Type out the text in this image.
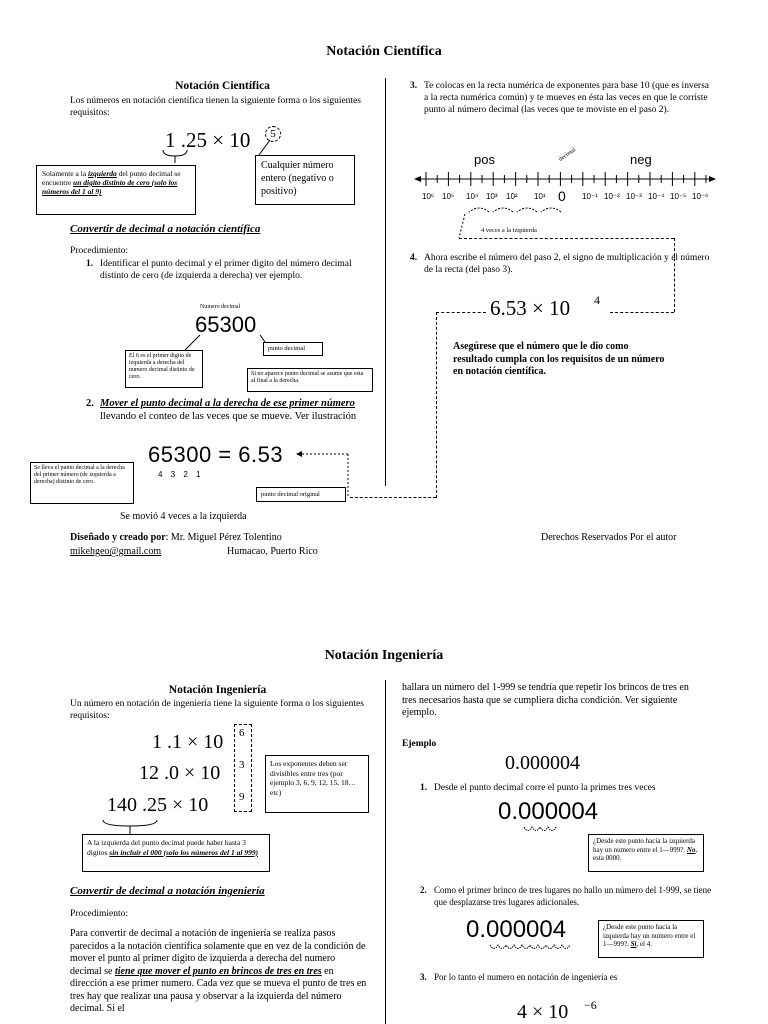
Notación Científica
Notación Científica
Los números en notación científica tienen la siguiente forma o los siguientes requisitos:
1 .25 × 10	5
Solamente a la izquierda del punto decimal se encuentre un digito distinto de cero (solo los números del 1 al 9)
Cualquier número entero (negativo o positivo)
Convertir de decimal a notación científica
Procedimiento:
1. Identificar el punto decimal y el primer digito del número decimal distinto de cero (de izquierda a derecha) ver ejemplo.
Numero decimal
65300
punto decimal
El 6 es el primer digito de izquierda a derecha del numero decimal distinto de cero.	Si no aparece punto decimal se asume que esta al final a la derecha.
2. Mover el punto decimal a la derecha de ese primer número llevando el conteo de las veces que se mueve. Ver ilustración
65300 = 6.53
4 3 2 1
Se lleva el punto decimal a la derecha del primer número (de izquierda a derecha) distinto de cero.
punto decimal original
Se movió 4 veces a la izquierda
3. Te colocas en la recta numérica de exponentes para base 10 (que es inversa a la recta numérica común) y te mueves en ésta las veces en que le corriste punto al número decimal (las veces que te moviste en el paso 2).
pos	neg
decimal
10⁶ 10⁵ 10⁴ 10³ 10² 10¹ 0 10⁻¹ 10⁻² 10⁻³ 10⁻⁴ 10⁻⁵ 10⁻⁶
4 veces a la izquierda
4. Ahora escribe el número del paso 2, el signo de multiplicación y el número de la recta (del paso 3).
6.53 × 10 4
Asegúrese que el número que le dio como resultado cumpla con los requisitos de un número en notación científica.
Diseñado y creado por: Mr. Miguel Pérez Tolentino
mikehgeo@gmail.com	Humacao, Puerto Rico
Derechos Reservados Por el autor
Notación Ingeniería
Notación Ingeniería
Un número en notación de ingeniería tiene la siguiente forma o los siguientes requisitos:
1 .1 × 10
12 .0 × 10
140 .25 × 10
6
3
9
Los exponentes deben ser divisibles entre tres (por ejemplo 3, 6, 9, 12, 15, 18… etc)
A la izquierda del punto decimal puede haber hasta 3 digitos sin incluir el 000 (solo los números del 1 al 999)
Convertir de decimal a notación ingeniería
Procedimiento:
Para convertir de decimal a notación de ingeniería se realiza pasos parecidos a la notación científica solamente que en vez de la condición de mover el punto al primer digito de izquierda a derecha del numero decimal se tiene que mover el punto en brincos de tres en tres en dirección a ese primer numero. Cada vez que se mueva el punto de tres en tres hay que realizar una pausa y observar a la izquierda del número decimal. Si el
hallara un número del 1-999 se tendría que repetir los brincos de tres en tres necesarios hasta que se cumpliera dicha condición. Ver siguiente ejemplo.
Ejemplo
0.000004
1. Desde el punto decimal corre el punto la primes tres veces
0.000004
¿Desde este punto hacia la izquierda hay un numero entre el 1—999?. No, esta 0000.
2. Como el primer brinco de tres lugares no hallo un número del 1-999, se tiene que desplazarse tres lugares adicionales.
0.000004	¿Desde este punto hacia la izquierda hay un numero entre el 1—999?. Si, el 4.
3. Por lo tanto el numero en notación de ingeniería es
4 × 10 −6
